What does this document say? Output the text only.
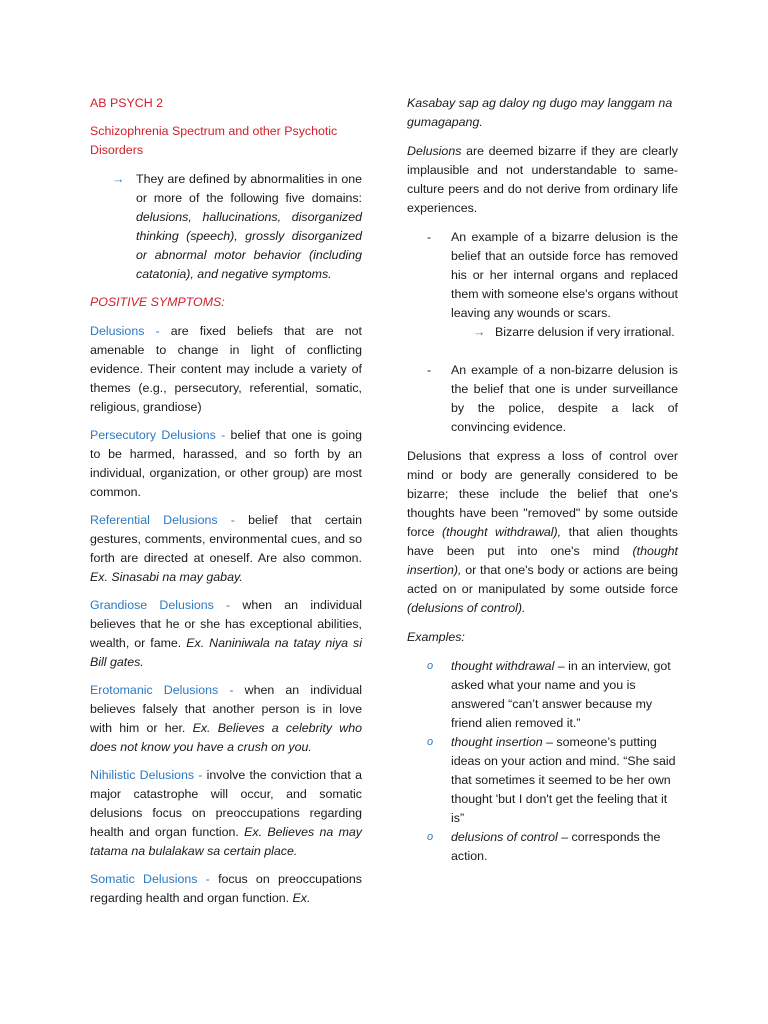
AB PSYCH 2

Schizophrenia Spectrum and other Psychotic Disorders

→ They are defined by abnormalities in one or more of the following five domains: delusions, hallucinations, disorganized thinking (speech), grossly disorganized or abnormal motor behavior (including catatonia), and negative symptoms.

POSITIVE SYMPTOMS:

Delusions - are fixed beliefs that are not amenable to change in light of conflicting evidence. Their content may include a variety of themes (e.g., persecutory, referential, somatic, religious, grandiose)

Persecutory Delusions - belief that one is going to be harmed, harassed, and so forth by an individual, organization, or other group) are most common.

Referential Delusions - belief that certain gestures, comments, environmental cues, and so forth are directed at oneself. Are also common. Ex. Sinasabi na may gabay.

Grandiose Delusions - when an individual believes that he or she has exceptional abilities, wealth, or fame. Ex. Naniniwala na tatay niya si Bill gates.

Erotomanic Delusions - when an individual believes falsely that another person is in love with him or her. Ex. Believes a celebrity who does not know you have a crush on you.

Nihilistic Delusions - involve the conviction that a major catastrophe will occur, and somatic delusions focus on preoccupations regarding health and organ function. Ex. Believes na may tatama na bulalakaw sa certain place.

Somatic Delusions - focus on preoccupations regarding health and organ function. Ex.

Kasabay sap ag daloy ng dugo may langgam na gumagapang.

Delusions are deemed bizarre if they are clearly implausible and not understandable to same-culture peers and do not derive from ordinary life experiences.

-	An example of a bizarre delusion is the belief that an outside force has removed his or her internal organs and replaced them with someone else's organs without leaving any wounds or scars.

→ Bizarre delusion if very irrational.

-	An example of a non-bizarre delusion is the belief that one is under surveillance by the police, despite a lack of convincing evidence.

Delusions that express a loss of control over mind or body are generally considered to be bizarre; these include the belief that one's thoughts have been "removed" by some outside force (thought withdrawal), that alien thoughts have been put into one's mind (thought insertion), or that one's body or actions are being acted on or manipulated by some outside force (delusions of control).

Examples:

o	thought withdrawal – in an interview, got asked what your name and you is answered “can’t answer because my friend alien removed it.”

o	thought insertion – someone’s putting ideas on your action and mind. “She said that sometimes it seemed to be her own thought 'but I don't get the feeling that it is”

o	delusions of control – corresponds the action.
